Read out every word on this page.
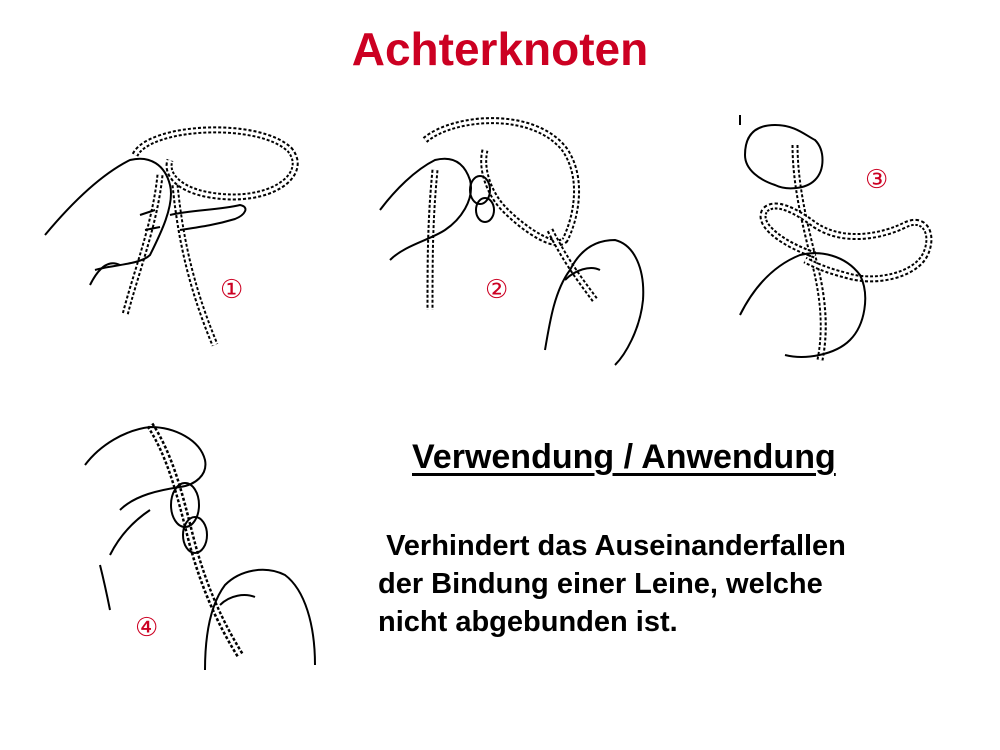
Achterknoten
①	②
③
④
Verwendung / Anwendung
Verhindert das Auseinanderfallen
der Bindung einer Leine, welche
nicht abgebunden ist.
